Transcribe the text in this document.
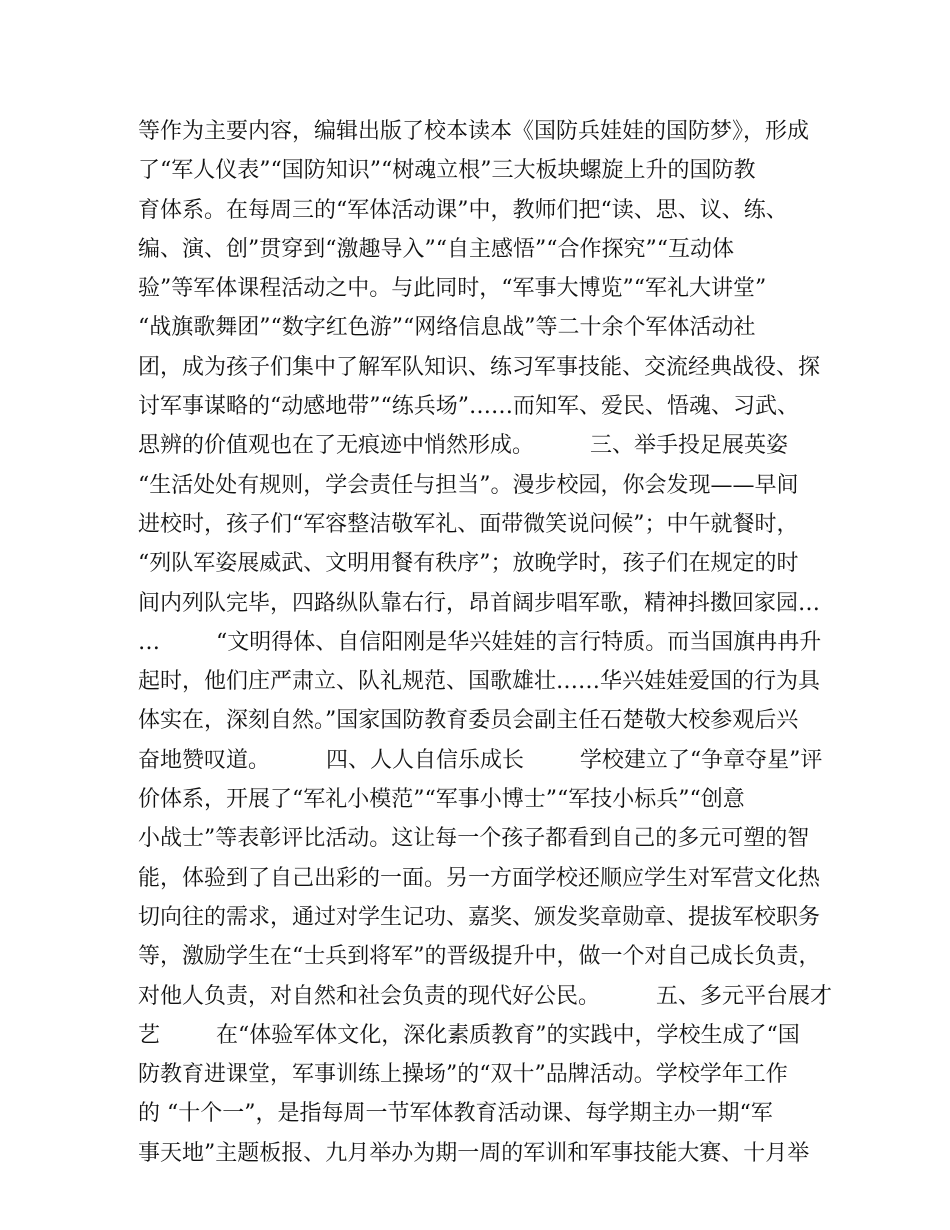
等作为主要内容，编辑出版了校本读本《国防兵娃娃的国防梦》，形成
了“军人仪表”“国防知识”“树魂立根”三大板块螺旋上升的国防教
育体系。在每周三的“军体活动课”中，教师们把“读、思、议、练、
编、演、创”贯穿到“激趣导入”“自主感悟”“合作探究”“互动体
验”等军体课程活动之中。与此同时，“军事大博览”“军礼大讲堂”
“战旗歌舞团”“数字红色游”“网络信息战”等二十余个军体活动社
团，成为孩子们集中了解军队知识、练习军事技能、交流经典战役、探
讨军事谋略的“动感地带”“练兵场”……而知军、爱民、悟魂、习武、
思辨的价值观也在了无痕迹中悄然形成。        三、举手投足展英姿
“生活处处有规则，学会责任与担当”。漫步校园，你会发现——早间
进校时，孩子们“军容整洁敬军礼、面带微笑说问候”；中午就餐时，
“列队军姿展威武、文明用餐有秩序”；放晚学时，孩子们在规定的时
间内列队完毕，四路纵队靠右行，昂首阔步唱军歌，精神抖擞回家园…
…        “文明得体、自信阳刚是华兴娃娃的言行特质。而当国旗冉冉升
起时，他们庄严肃立、队礼规范、国歌雄壮……华兴娃娃爱国的行为具
体实在，深刻自然。”国家国防教育委员会副主任石楚敬大校参观后兴
奋地赞叹道。        四、人人自信乐成长        学校建立了“争章夺星”评
价体系，开展了“军礼小模范”“军事小博士”“军技小标兵”“创意
小战士”等表彰评比活动。这让每一个孩子都看到自己的多元可塑的智
能，体验到了自己出彩的一面。另一方面学校还顺应学生对军营文化热
切向往的需求，通过对学生记功、嘉奖、颁发奖章勋章、提拔军校职务
等，激励学生在“士兵到将军”的晋级提升中，做一个对自己成长负责，
对他人负责，对自然和社会负责的现代好公民。        五、多元平台展才
艺        在“体验军体文化，深化素质教育”的实践中，学校生成了“国
防教育进课堂，军事训练上操场”的“双十”品牌活动。学校学年工作
的 “十个一”，是指每周一节军体教育活动课、每学期主办一期“军
事天地”主题板报、九月举办为期一周的军训和军事技能大赛、十月举
